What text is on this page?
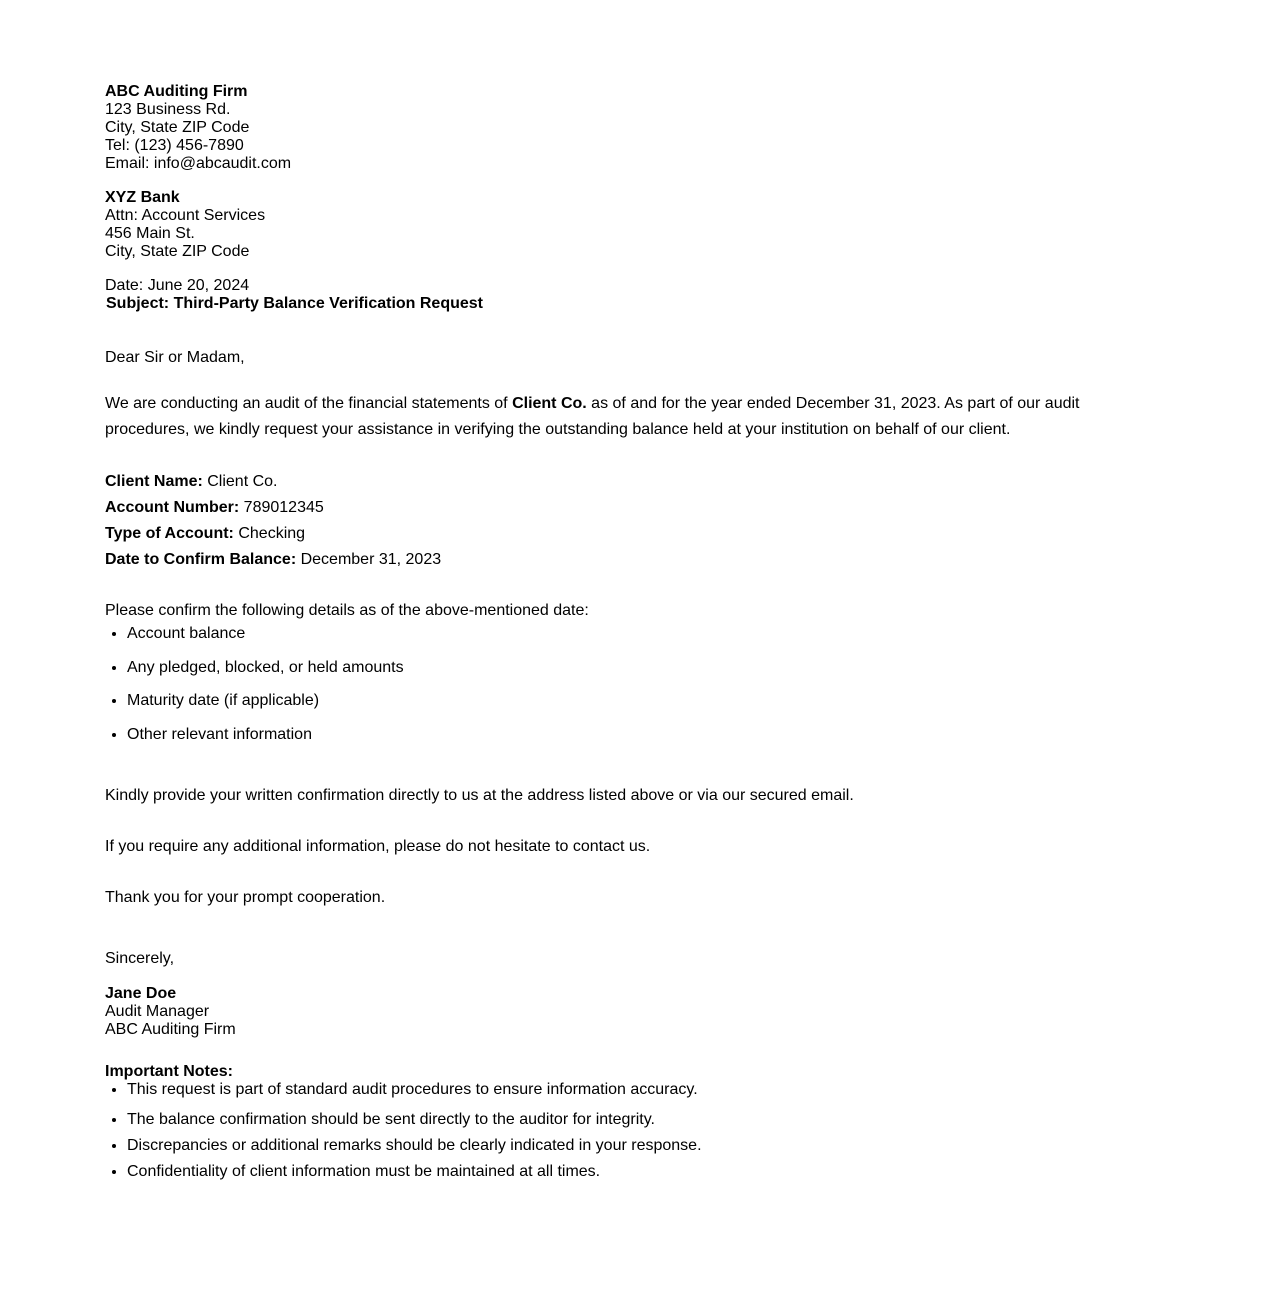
ABC Auditing Firm
123 Business Rd.
City, State ZIP Code
Tel: (123) 456-7890
Email: info@abcaudit.com
XYZ Bank
Attn: Account Services
456 Main St.
City, State ZIP Code
Date: June 20, 2024
Subject: Third-Party Balance Verification Request
Dear Sir or Madam,
We are conducting an audit of the financial statements of Client Co. as of and for the year ended December 31, 2023. As part of our audit procedures, we kindly request your assistance in verifying the outstanding balance held at your institution on behalf of our client.
Client Name: Client Co.
Account Number: 789012345
Type of Account: Checking
Date to Confirm Balance: December 31, 2023
Please confirm the following details as of the above-mentioned date:
• Account balance
• Any pledged, blocked, or held amounts
• Maturity date (if applicable)
• Other relevant information
Kindly provide your written confirmation directly to us at the address listed above or via our secured email.
If you require any additional information, please do not hesitate to contact us.
Thank you for your prompt cooperation.
Sincerely,
Jane Doe
Audit Manager
ABC Auditing Firm
Important Notes:
• This request is part of standard audit procedures to ensure information accuracy.
• The balance confirmation should be sent directly to the auditor for integrity.
• Discrepancies or additional remarks should be clearly indicated in your response.
• Confidentiality of client information must be maintained at all times.
